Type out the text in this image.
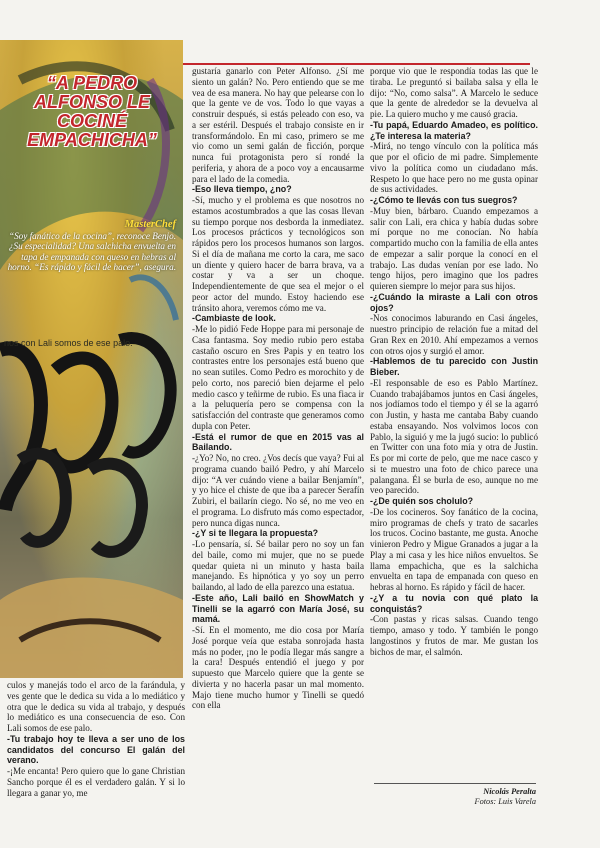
“A PEDRO ALFONSO LE COCINÉ EMPACHICHA”
MasterChef
“Soy fanático de la cocina”, reconoce Benjo. ¿Su especialidad? Una salchicha envuelta en tapa de empanada con queso en hebras al horno. “Es rápido y fácil de hacer”, asegura.
nos con Lali somos de ese palo.

culos y manejás todo el arco de la farándula, y ves gente que le dedica su vida a lo mediático y otra que le dedica su vida al trabajo, y después lo mediático es una consecuencia de eso. Con Lali somos de ese palo.

-Tu trabajo hoy te lleva a ser uno de los candidatos del concurso El galán del verano.

-¡Me encanta! Pero quiero que lo gane Christian Sancho porque él es el verdadero galán. Y si lo llegara a ganar yo, me

gustaría ganarlo con Peter Alfonso. ¿Sí me siento un galán? No. Pero entiendo que se me vea de esa manera. No hay que pelearse con lo que la gente ve de vos. Todo lo que vayas a construir después, si estás peleado con eso, va a ser estéril. Después el trabajo consiste en ir transformándolo. En mi caso, primero se me vio como un semi galán de ficción, porque nunca fui protagonista pero sí rondé la periferia, y ahora de a poco voy a encausarme para el lado de la comedia.

-Eso lleva tiempo, ¿no?

-Sí, mucho y el problema es que nosotros no estamos acostumbrados a que las cosas llevan su tiempo porque nos desborda la inmediatez. Los procesos prácticos y tecnológicos son rápidos pero los procesos humanos son largos. Si el día de mañana me corto la cara, me saco un diente y quiero hacer de barra brava, va a costar y va a ser un choque. Independientemente de que sea el mejor o el peor actor del mundo. Estoy haciendo ese tránsito ahora, veremos cómo me va.

-Cambiaste de look.

-Me lo pidió Fede Hoppe para mi personaje de Casa fantasma. Soy medio rubio pero estaba castaño oscuro en Sres Papis y en teatro los contrastes entre los personajes está bueno que no sean sutiles. Como Pedro es morochito y de pelo corto, nos pareció bien dejarme el pelo medio casco y teñirme de rubio. Es una fiaca ir a la peluquería pero se compensa con la satisfacción del contraste que generamos como dupla con Peter.

-Está el rumor de que en 2015 vas al Bailando.

-¿Yo? No, no creo. ¿Vos decís que vaya? Fui al programa cuando bailó Pedro, y ahí Marcelo dijo: “A ver cuándo viene a bailar Benjamín”, y yo hice el chiste de que iba a parecer Serafín Zubiri, el bailarín ciego. No sé, no me veo en el programa. Lo disfruto más como espectador, pero nunca digas nunca.

-¿Y si te llegara la propuesta?

-Lo pensaría, sí. Sé bailar pero no soy un fan del baile, como mi mujer, que no se puede quedar quieta ni un minuto y hasta baila manejando. Es hipnótica y yo soy un perro bailando, al lado de ella parezco una estatua.

-Este año, Lali bailó en ShowMatch y Tinelli se la agarró con María José, su mamá.

-Sí. En el momento, me dio cosa por María José porque veía que estaba sonrojada hasta más no poder, ¡no le podía llegar más sangre a la cara! Después entendió el juego y por supuesto que Marcelo quiere que la gente se divierta y no hacerla pasar un mal momento. Majo tiene mucho humor y Tinelli se quedó con ella

porque vio que le respondía todas las que le tiraba. Le preguntó si bailaba salsa y ella le dijo: “No, como salsa”. A Marcelo le seduce que la gente de alrededor se la devuelva al pie. La quiero mucho y me causó gracia.

-Tu papá, Eduardo Amadeo, es político. ¿Te interesa la materia?

-Mirá, no tengo vínculo con la política más que por el oficio de mi padre. Simplemente vivo la política como un ciudadano más. Respeto lo que hace pero no me gusta opinar de sus actividades.

-¿Cómo te llevás con tus suegros?

-Muy bien, bárbaro. Cuando empezamos a salir con Lali, era chica y había dudas sobre mí porque no me conocían. No había compartido mucho con la familia de ella antes de empezar a salir porque la conocí en el trabajo. Las dudas venían por ese lado. No tengo hijos, pero imagino que los padres quieren siempre lo mejor para sus hijos.

-¿Cuándo la miraste a Lali con otros ojos?

-Nos conocimos laburando en Casi ángeles, nuestro principio de relación fue a mitad del Gran Rex en 2010. Ahí empezamos a vernos con otros ojos y surgió el amor.

-Hablemos de tu parecido con Justin Bieber.

-El responsable de eso es Pablo Martínez. Cuando trabajábamos juntos en Casi ángeles, nos jodíamos todo el tiempo y él se la agarró con Justin, y hasta me cantaba Baby cuando estaba ensayando. Nos volvimos locos con Pablo, la siguió y me la jugó sucio: lo publicó en Twitter con una foto mía y otra de Justin. Es por mi corte de pelo, que me nace casco y si te muestro una foto de chico parece una palangana. Él se burla de eso, aunque no me veo parecido.

-¿De quién sos cholulo?

-De los cocineros. Soy fanático de la cocina, miro programas de chefs y trato de sacarles los trucos. Cocino bastante, me gusta. Anoche vinieron Pedro y Migue Granados a jugar a la Play a mi casa y les hice niños envueltos. Se llama empachicha, que es la salchicha envuelta en tapa de empanada con queso en hebras al horno. Es rápido y fácil de hacer.

-¿Y a tu novia con qué plato la conquistás?

-Con pastas y ricas salsas. Cuando tengo tiempo, amaso y todo. Y también le pongo langostinos y frutos de mar. Me gustan los bichos de mar, el salmón.

Nicolás Peralta
Fotos: Luis Varela
